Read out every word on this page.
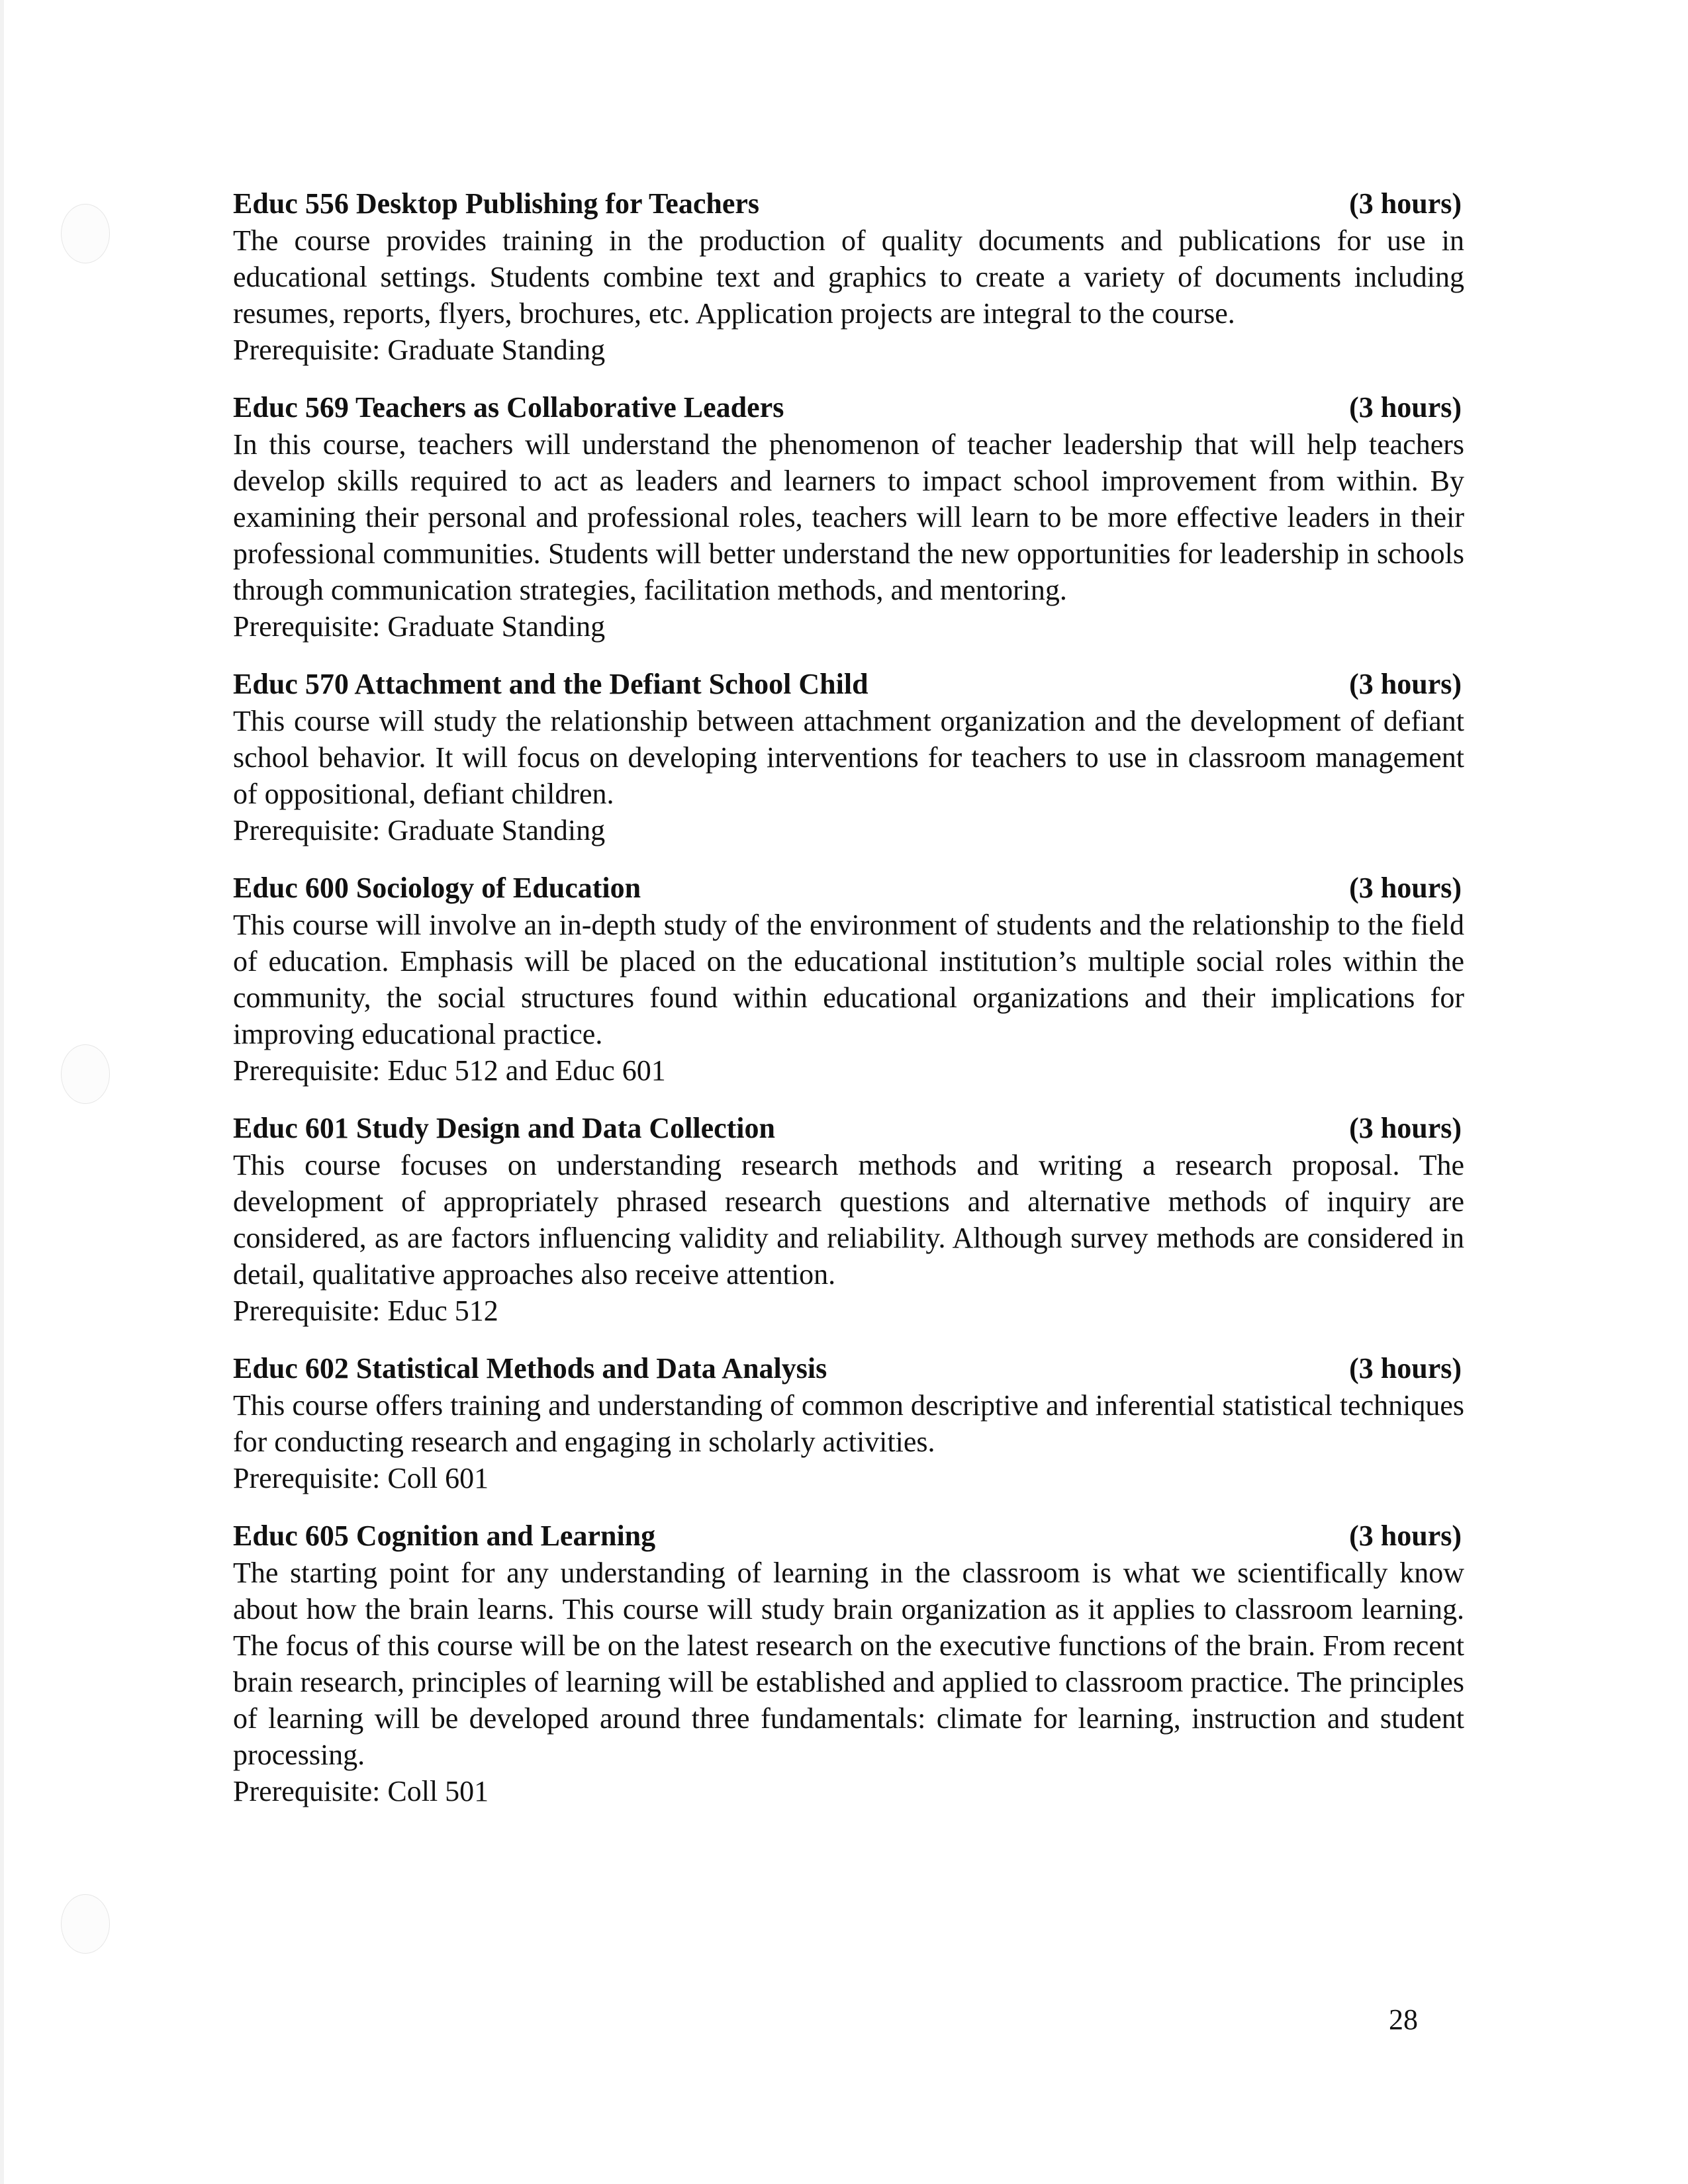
Educ 556 Desktop Publishing for Teachers	(3 hours)

The course provides training in the production of quality documents and publications for use in educational settings. Students combine text and graphics to create a variety of documents including resumes, reports, flyers, brochures, etc. Application projects are integral to the course.

Prerequisite: Graduate Standing

Educ 569 Teachers as Collaborative Leaders	(3 hours)

In this course, teachers will understand the phenomenon of teacher leadership that will help teachers develop skills required to act as leaders and learners to impact school improvement from within. By examining their personal and professional roles, teachers will learn to be more effective leaders in their professional communities. Students will better understand the new opportunities for leadership in schools through communication strategies, facilitation methods, and mentoring.

Prerequisite: Graduate Standing

Educ 570 Attachment and the Defiant School Child	(3 hours)

This course will study the relationship between attachment organization and the development of defiant school behavior. It will focus on developing interventions for teachers to use in classroom management of oppositional, defiant children.

Prerequisite: Graduate Standing

Educ 600 Sociology of Education	(3 hours)

This course will involve an in-depth study of the environment of students and the relationship to the field of education. Emphasis will be placed on the educational institution’s multiple social roles within the community, the social structures found within educational organizations and their implications for improving educational practice.

Prerequisite: Educ 512 and Educ 601

Educ 601 Study Design and Data Collection	(3 hours)

This course focuses on understanding research methods and writing a research proposal. The development of appropriately phrased research questions and alternative methods of inquiry are considered, as are factors influencing validity and reliability. Although survey methods are considered in detail, qualitative approaches also receive attention.

Prerequisite: Educ 512

Educ 602 Statistical Methods and Data Analysis	(3 hours)

This course offers training and understanding of common descriptive and inferential statistical techniques for conducting research and engaging in scholarly activities.

Prerequisite: Coll 601

Educ 605 Cognition and Learning	(3 hours)

The starting point for any understanding of learning in the classroom is what we scientifically know about how the brain learns. This course will study brain organization as it applies to classroom learning. The focus of this course will be on the latest research on the executive functions of the brain. From recent brain research, principles of learning will be established and applied to classroom practice. The principles of learning will be developed around three fundamentals: climate for learning, instruction and student processing.

Prerequisite: Coll 501

28
